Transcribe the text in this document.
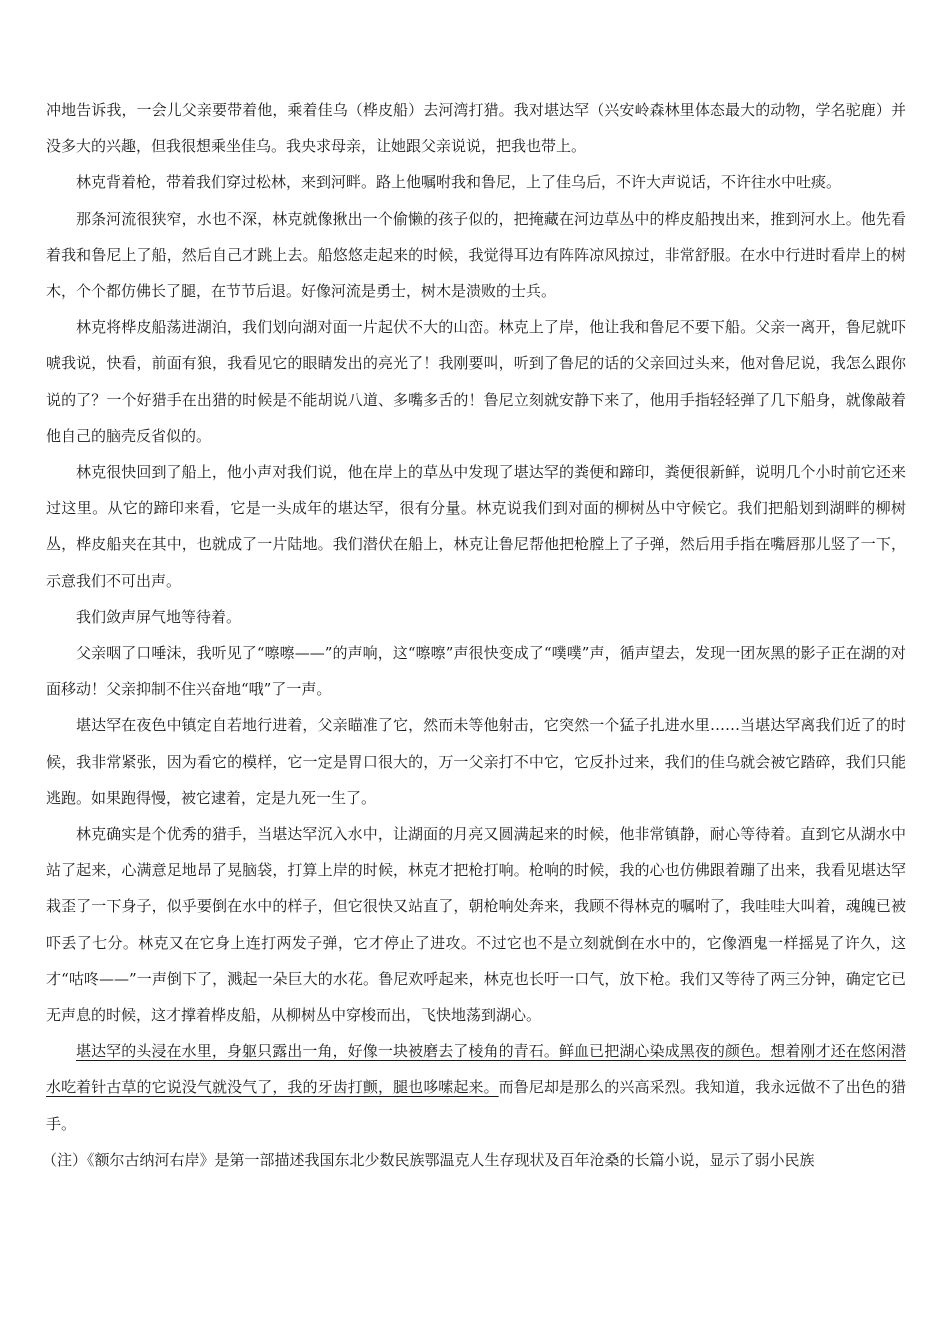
冲地告诉我，一会儿父亲要带着他，乘着佳乌（桦皮船）去河湾打猎。我对堪达罕（兴安岭森林里体态最大的动物，学名驼鹿）并没多大的兴趣，但我很想乘坐佳乌。我央求母亲，让她跟父亲说说，把我也带上。

林克背着枪，带着我们穿过松林，来到河畔。路上他嘱咐我和鲁尼，上了佳乌后，不许大声说话，不许往水中吐痰。

那条河流很狭窄，水也不深，林克就像揪出一个偷懒的孩子似的，把掩藏在河边草丛中的桦皮船拽出来，推到河水上。他先看着我和鲁尼上了船，然后自己才跳上去。船悠悠走起来的时候，我觉得耳边有阵阵凉风掠过，非常舒服。在水中行进时看岸上的树木，个个都仿佛长了腿，在节节后退。好像河流是勇士，树木是溃败的士兵。

林克将桦皮船荡进湖泊，我们划向湖对面一片起伏不大的山峦。林克上了岸，他让我和鲁尼不要下船。父亲一离开，鲁尼就吓唬我说，快看，前面有狼，我看见它的眼睛发出的亮光了！我刚要叫，听到了鲁尼的话的父亲回过头来，他对鲁尼说，我怎么跟你说的了？一个好猎手在出猎的时候是不能胡说八道、多嘴多舌的！鲁尼立刻就安静下来了，他用手指轻轻弹了几下船身，就像敲着他自己的脑壳反省似的。

林克很快回到了船上，他小声对我们说，他在岸上的草丛中发现了堪达罕的粪便和蹄印，粪便很新鲜，说明几个小时前它还来过这里。从它的蹄印来看，它是一头成年的堪达罕，很有分量。林克说我们到对面的柳树丛中守候它。我们把船划到湖畔的柳树丛，桦皮船夹在其中，也就成了一片陆地。我们潜伏在船上，林克让鲁尼帮他把枪膛上了子弹，然后用手指在嘴唇那儿竖了一下，示意我们不可出声。

我们敛声屏气地等待着。

父亲咽了口唾沫，我听见了“嚓嚓——”的声响，这“嚓嚓”声很快变成了“噗噗”声，循声望去，发现一团灰黑的影子正在湖的对面移动！父亲抑制不住兴奋地“哦”了一声。

堪达罕在夜色中镇定自若地行进着，父亲瞄准了它，然而未等他射击，它突然一个猛子扎进水里……当堪达罕离我们近了的时候，我非常紧张，因为看它的模样，它一定是胃口很大的，万一父亲打不中它，它反扑过来，我们的佳乌就会被它踏碎，我们只能逃跑。如果跑得慢，被它逮着，定是九死一生了。

林克确实是个优秀的猎手，当堪达罕沉入水中，让湖面的月亮又圆满起来的时候，他非常镇静，耐心等待着。直到它从湖水中站了起来，心满意足地昂了晃脑袋，打算上岸的时候，林克才把枪打响。枪响的时候，我的心也仿佛跟着蹦了出来，我看见堪达罕栽歪了一下身子，似乎要倒在水中的样子，但它很快又站直了，朝枪响处奔来，我顾不得林克的嘱咐了，我哇哇大叫着，魂魄已被吓丢了七分。林克又在它身上连打两发子弹，它才停止了进攻。不过它也不是立刻就倒在水中的，它像酒鬼一样摇晃了许久，这才“咕咚——”一声倒下了，溅起一朵巨大的水花。鲁尼欢呼起来，林克也长吁一口气，放下枪。我们又等待了两三分钟，确定它已无声息的时候，这才撑着桦皮船，从柳树丛中穿梭而出，飞快地荡到湖心。

堪达罕的头浸在水里，身躯只露出一角，好像一块被磨去了棱角的青石。鲜血已把湖心染成黑夜的颜色。想着刚才还在悠闲潜水吃着针古草的它说没气就没气了，我的牙齿打颤，腿也哆嗦起来。而鲁尼却是那么的兴高采烈。我知道，我永远做不了出色的猎手。

（注）《额尔古纳河右岸》是第一部描述我国东北少数民族鄂温克人生存现状及百年沧桑的长篇小说，显示了弱小民族
